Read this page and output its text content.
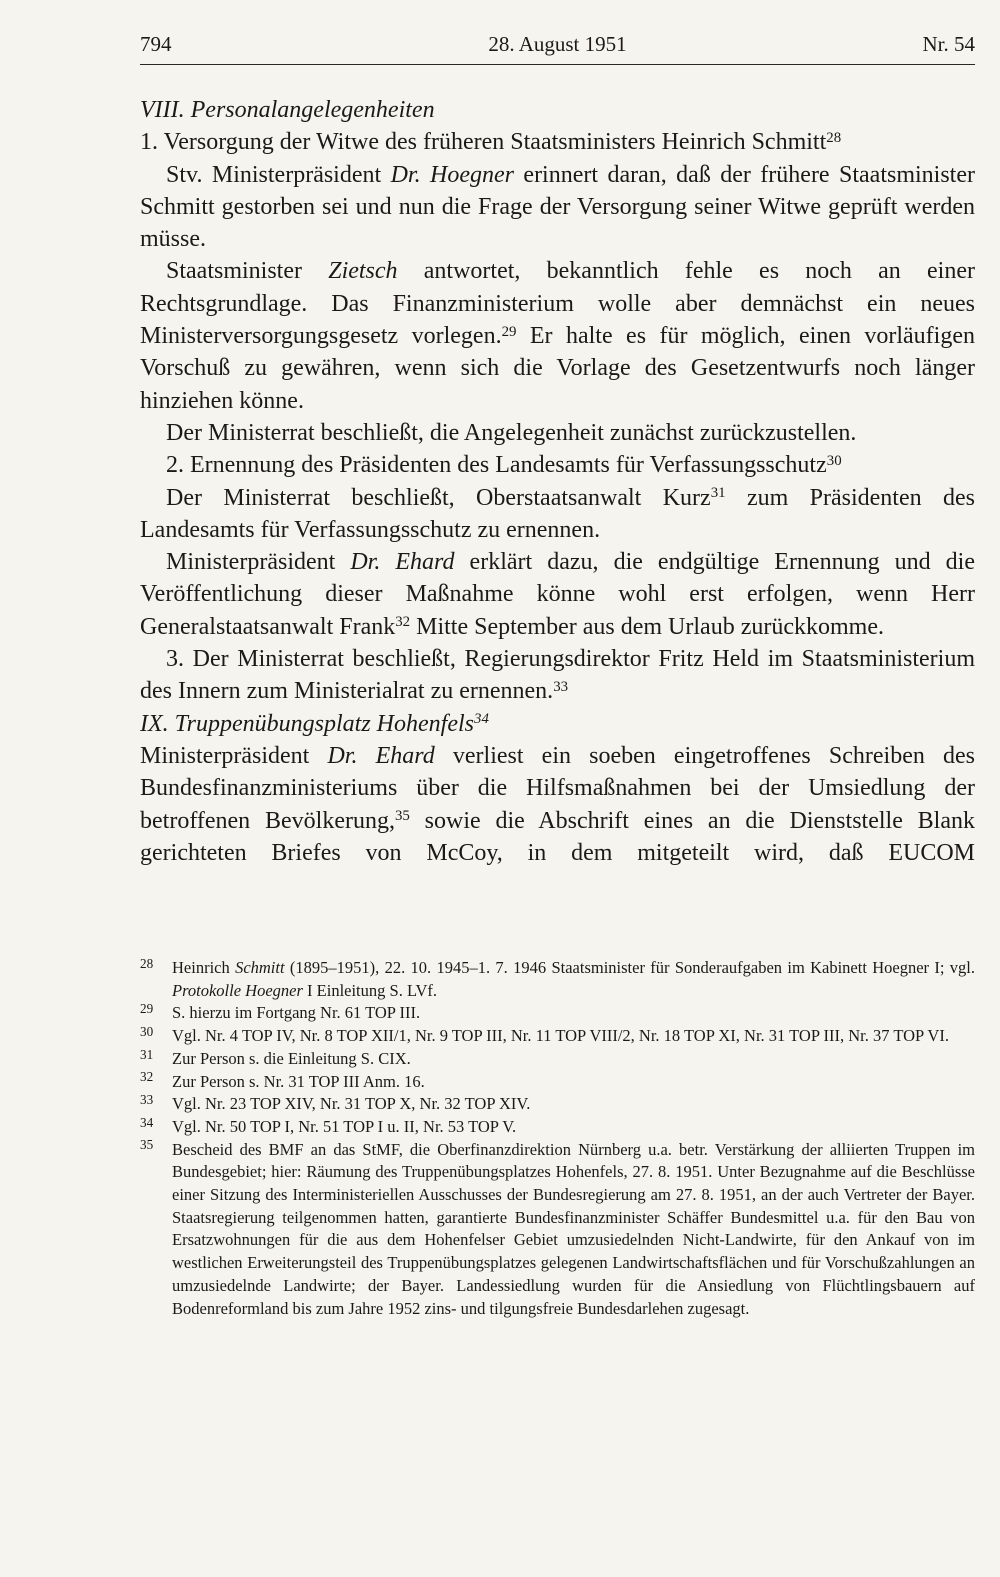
28. August 1951
794	Nr. 54

VIII. Personalangelegenheiten

1. Versorgung der Witwe des früheren Staatsministers Heinrich Schmitt$^{28}$

Stv. Ministerpräsident Dr. Hoegner erinnert daran, daß der frühere Staatsminister Schmitt gestorben sei und nun die Frage der Versorgung seiner Witwe geprüft werden müsse.

Staatsminister Zietsch antwortet, bekanntlich fehle es noch an einer Rechtsgrundlage. Das Finanzministerium wolle aber demnächst ein neues Ministerversorgungsgesetz vorlegen.$^{29}$ Er halte es für möglich, einen vorläufigen Vorschuß zu gewähren, wenn sich die Vorlage des Gesetzentwurfs noch länger hinziehen könne.

Der Ministerrat beschließt, die Angelegenheit zunächst zurückzustellen.

2. Ernennung des Präsidenten des Landesamts für Verfassungsschutz$^{30}$

Der Ministerrat beschließt, Oberstaatsanwalt Kurz$^{31}$ zum Präsidenten des Landesamts für Verfassungsschutz zu ernennen.

Ministerpräsident Dr. Ehard erklärt dazu, die endgültige Ernennung und die Veröffentlichung dieser Maßnahme könne wohl erst erfolgen, wenn Herr Generalstaatsanwalt Frank$^{32}$ Mitte September aus dem Urlaub zurückkomme.

3. Der Ministerrat beschließt, Regierungsdirektor Fritz Held im Staatsministerium des Innern zum Ministerialrat zu ernennen.$^{33}$

IX. Truppenübungsplatz Hohenfels$^{34}$

Ministerpräsident Dr. Ehard verliest ein soeben eingetroffenes Schreiben des Bundesfinanzministeriums über die Hilfsmaßnahmen bei der Umsiedlung der betroffenen Bevölkerung,$^{35}$ sowie die Abschrift eines an die Dienststelle Blank gerichteten Briefes von McCoy, in dem mitgeteilt wird, daß EUCOM

$^{28}$ Heinrich Schmitt (1895–1951), 22. 10. 1945–1. 7. 1946 Staatsminister für Sonderaufgaben im Kabinett Hoegner I; vgl. Protokolle Hoegner I Einleitung S. LVf.
$^{29}$ S. hierzu im Fortgang Nr. 61 TOP III.
$^{30}$ Vgl. Nr. 4 TOP IV, Nr. 8 TOP XII/1, Nr. 9 TOP III, Nr. 11 TOP VIII/2, Nr. 18 TOP XI, Nr. 31 TOP III, Nr. 37 TOP VI.
$^{31}$ Zur Person s. die Einleitung S. CIX.
$^{32}$ Zur Person s. Nr. 31 TOP III Anm. 16.
$^{33}$ Vgl. Nr. 23 TOP XIV, Nr. 31 TOP X, Nr. 32 TOP XIV.
$^{34}$ Vgl. Nr. 50 TOP I, Nr. 51 TOP I u. II, Nr. 53 TOP V.
$^{35}$ Bescheid des BMF an das StMF, die Oberfinanzdirektion Nürnberg u.a. betr. Verstärkung der alliierten Truppen im Bundesgebiet; hier: Räumung des Truppenübungsplatzes Hohenfels, 27. 8. 1951. Unter Bezugnahme auf die Beschlüsse einer Sitzung des Interministeriellen Ausschusses der Bundesregierung am 27. 8. 1951, an der auch Vertreter der Bayer. Staatsregierung teilgenommen hatten, garantierte Bundesfinanzminister Schäffer Bundesmittel u.a. für den Bau von Ersatzwohnungen für die aus dem Hohenfelser Gebiet umzusiedelnden Nicht-Landwirte, für den Ankauf von im westlichen Erweiterungsteil des Truppenübungsplatzes gelegenen Landwirtschaftsflächen und für Vorschußzahlungen an umzusiedelnde Landwirte; der Bayer. Landessiedlung wurden für die Ansiedlung von Flüchtlingsbauern auf Bodenreformland bis zum Jahre 1952 zins- und tilgungsfreie Bundesdarlehen zugesagt.
